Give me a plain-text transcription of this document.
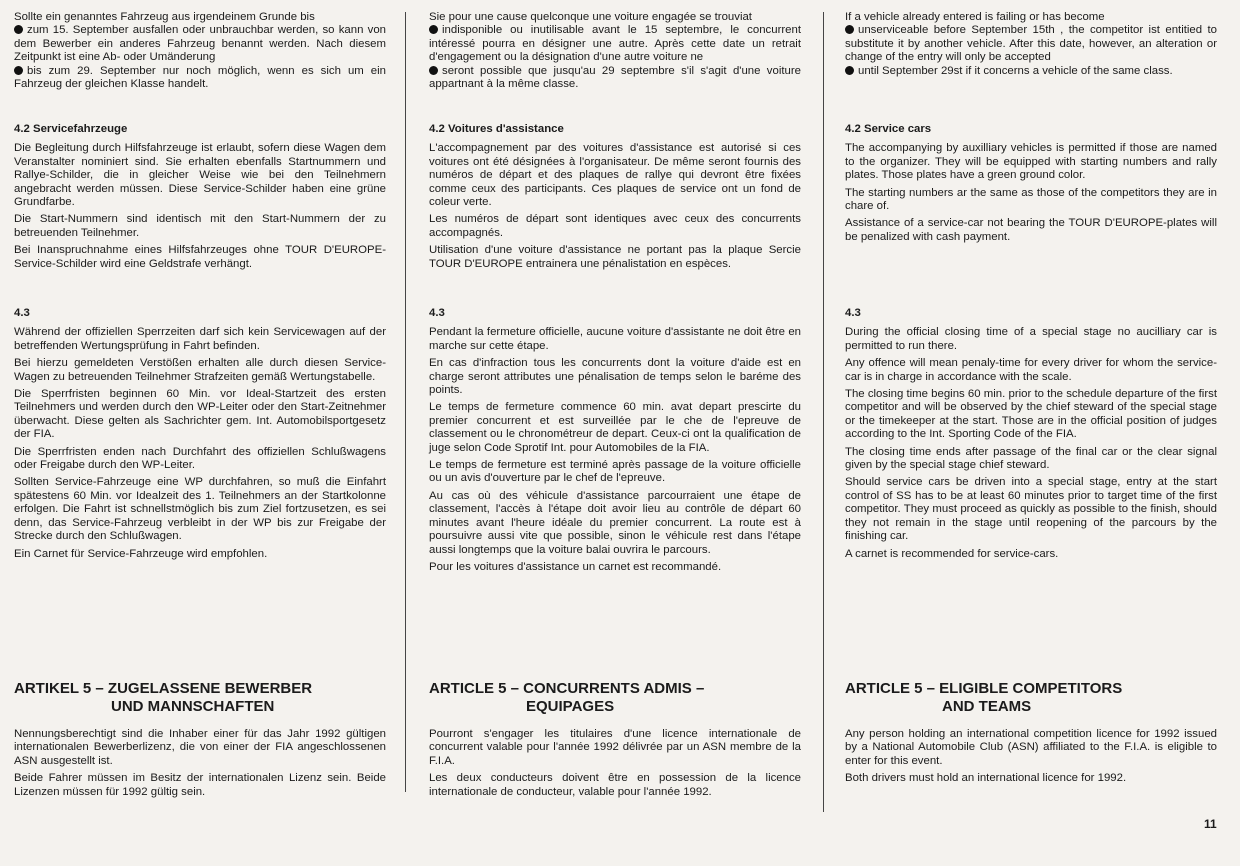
Sollte ein genanntes Fahrzeug aus irgendeinem Grunde bis
zum 15. September ausfallen oder unbrauchbar werden, so kann von dem Bewerber ein anderes Fahrzeug benannt werden. Nach diesem Zeitpunkt ist eine Ab- oder Umänderung
bis zum 29. September nur noch möglich, wenn es sich um ein Fahrzeug der gleichen Klasse handelt.

4.2 Servicefahrzeuge

Die Begleitung durch Hilfsfahrzeuge ist erlaubt, sofern diese Wagen dem Veranstalter nominiert sind. Sie erhalten ebenfalls Startnummern und Rallye-Schilder, die in gleicher Weise wie bei den Teilnehmern angebracht werden müssen. Diese Service-Schilder haben eine grüne Grundfarbe.

Die Start-Nummern sind identisch mit den Start-Nummern der zu betreuenden Teilnehmer.

Bei Inanspruchnahme eines Hilfsfahrzeuges ohne TOUR D'EUROPE-Service-Schilder wird eine Geldstrafe verhängt.

4.3

Während der offiziellen Sperrzeiten darf sich kein Servicewagen auf der betreffenden Wertungsprüfung in Fahrt befinden.

Bei hierzu gemeldeten Verstößen erhalten alle durch diesen Service-Wagen zu betreuenden Teilnehmer Strafzeiten gemäß Wertungstabelle.

Die Sperrfristen beginnen 60 Min. vor Ideal-Startzeit des ersten Teilnehmers und werden durch den WP-Leiter oder den Start-Zeitnehmer überwacht. Diese gelten als Sachrichter gem. Int. Automobilsportgesetz der FIA.

Die Sperrfristen enden nach Durchfahrt des offiziellen Schlußwagens oder Freigabe durch den WP-Leiter.

Sollten Service-Fahrzeuge eine WP durchfahren, so muß die Einfahrt spätestens 60 Min. vor Idealzeit des 1. Teilnehmers an der Startkolonne erfolgen. Die Fahrt ist schnellstmöglich bis zum Ziel fortzusetzen, es sei denn, das Service-Fahrzeug verbleibt in der WP bis zur Freigabe der Strecke durch den Schlußwagen.

Ein Carnet für Service-Fahrzeuge wird empfohlen.

ARTIKEL 5 – ZUGELASSENE BEWERBER
UND MANNSCHAFTEN

Nennungsberechtigt sind die Inhaber einer für das Jahr 1992 gültigen internationalen Bewerberlizenz, die von einer der FIA angeschlossenen ASN ausgestellt ist.

Beide Fahrer müssen im Besitz der internationalen Lizenz sein. Beide Lizenzen müssen für 1992 gültig sein.

Sie pour une cause quelconque une voiture engagée se trouviat
indisponible ou inutilisable avant le 15 septembre, le concurrent intéressé pourra en désigner une autre. Après cette date un retrait d'engagement ou la désignation d'une autre voiture ne
seront possible que jusqu'au 29 septembre s'il s'agit d'une voiture appartnant à la même classe.

4.2 Voitures d'assistance

L'accompagnement par des voitures d'assistance est autorisé si ces voitures ont été désignées à l'organisateur. De même seront fournis des numéros de départ et des plaques de rallye qui devront être fixées comme ceux des participants. Ces plaques de service ont un fond de coleur verte.

Les numéros de départ sont identiques avec ceux des concurrents accompagnés.

Utilisation d'une voiture d'assistance ne portant pas la plaque Sercie TOUR D'EUROPE entrainera une pénalistation en espèces.

4.3

Pendant la fermeture officielle, aucune voiture d'assistante ne doit être en marche sur cette étape.

En cas d'infraction tous les concurrents dont la voiture d'aide est en charge seront attributes une pénalisation de temps selon le baréme des points.

Le temps de fermeture commence 60 min. avat depart prescirte du premier concurrent et est surveillée par le che de l'epreuve de classement ou le chronométreur de depart. Ceux-ci ont la qualification de juge selon Code Sprotif Int. pour Automobiles de la FIA.

Le temps de fermeture est terminé après passage de la voiture officielle ou un avis d'ouverture par le chef de l'epreuve.

Au cas où des véhicule d'assistance parcourraient une étape de classement, l'accès à l'étape doit avoir lieu au contrôle de départ 60 minutes avant l'heure idéale du premier concurrent. La route est à poursuivre aussi vite que possible, sinon le véhicule rest dans l'étape aussi longtemps que la voiture balai ouvrira le parcours.

Pour les voitures d'assistance un carnet est recommandé.

ARTICLE 5 – CONCURRENTS ADMIS –
EQUIPAGES

Pourront s'engager les titulaires d'une licence internationale de concurrent valable pour l'année 1992 délivrée par un ASN membre de la F.I.A.

Les deux conducteurs doivent être en possession de la licence internationale de conducteur, valable pour l'année 1992.

If a vehicle already entered is failing or has become
unserviceable before September 15th , the competitor ist entitied to substitute it by another vehicle. After this date, however, an alteration or change of the entry will only be accepted
until September 29st if it concerns a vehicle of the same class.

4.2 Service cars

The accompanying by auxilliary vehicles is permitted if those are named to the organizer. They will be equipped with starting numbers and rally plates. Those plates have a green ground color.

The starting numbers ar the same as those of the competitors they are in chare of.

Assistance of a service-car not bearing the TOUR D'EUROPE-plates will be penalized with cash payment.

4.3

During the official closing time of a special stage no aucilliary car is permitted to run there.

Any offence will mean penaly-time for every driver for whom the service-car is in charge in accordance with the scale.

The closing time begins 60 min. prior to the schedule departure of the first competitor and will be observed by the chief steward of the special stage or the timekeeper at the start. Those are in the official position of judges according to the Int. Sporting Code of the FIA.

The closing time ends after passage of the final car or the clear signal given by the special stage chief steward.

Should service cars be driven into a special stage, entry at the start control of SS has to be at least 60 minutes prior to target time of the first competitor. They must proceed as quickly as possible to the finish, should they not remain in the stage until reopening of the parcours by the finishing car.

A carnet is recommended for service-cars.

ARTICLE 5 – ELIGIBLE COMPETITORS
AND TEAMS

Any person holding an international competition licence for 1992 issued by a National Automobile Club (ASN) affiliated to the F.I.A. is eligible to enter for this event.

Both drivers must hold an international licence for 1992.

11
